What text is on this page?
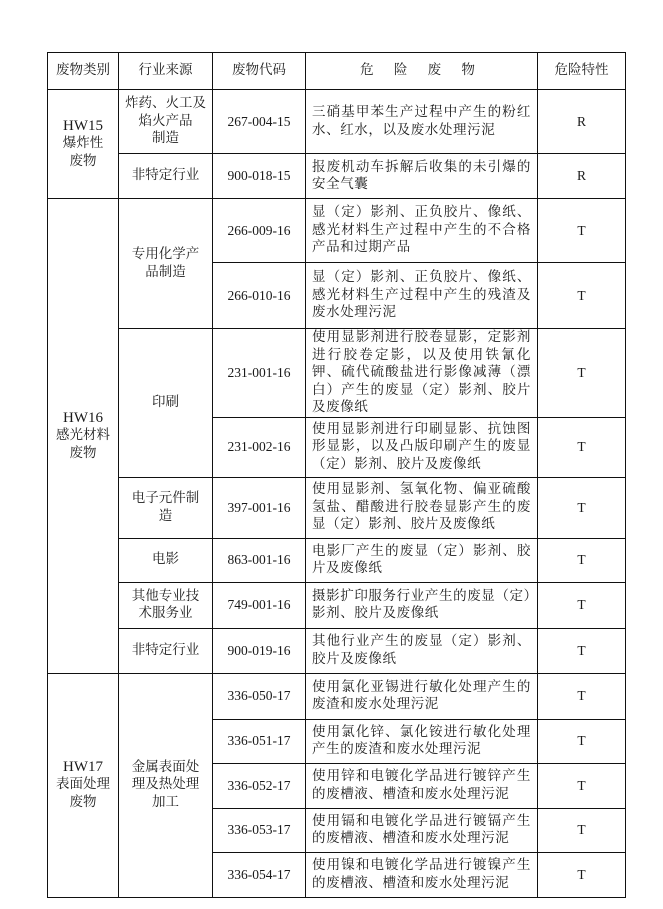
废物类别	行业来源	废物代码	危 险 废 物	危险特性

HW15
爆炸性
废物	炸药、火工及
焰火产品
制造	267-004-15	三硝基甲苯生产过程中产生的粉红水、红水，以及废水处理污泥	R
	非特定行业	900-018-15	报废机动车拆解后收集的未引爆的安全气囊	R

HW16
感光材料
废物	专用化学产
品制造	266-009-16	显（定）影剂、正负胶片、像纸、感光材料生产过程中产生的不合格产品和过期产品	T
		266-010-16	显（定）影剂、正负胶片、像纸、感光材料生产过程中产生的残渣及废水处理污泥	T
	印刷	231-001-16	使用显影剂进行胶卷显影，定影剂进行胶卷定影，以及使用铁氰化钾、硫代硫酸盐进行影像减薄（漂白）产生的废显（定）影剂、胶片及废像纸	T
		231-002-16	使用显影剂进行印刷显影、抗蚀图形显影，以及凸版印刷产生的废显（定）影剂、胶片及废像纸	T

	电子元件制
造	397-001-16	使用显影剂、氢氧化物、偏亚硫酸氢盐、醋酸进行胶卷显影产生的废显（定）影剂、胶片及废像纸	T
	电影	863-001-16	电影厂产生的废显（定）影剂、胶片及废像纸	T

	其他专业技
术服务业	749-001-16	摄影扩印服务行业产生的废显（定）影剂、胶片及废像纸	T
	非特定行业	900-019-16	其他行业产生的废显（定）影剂、胶片及废像纸	T

HW17
表面处理
废物	金属表面处
理及热处理
加工	336-050-17	使用氯化亚锡进行敏化处理产生的废渣和废水处理污泥	T
		336-051-17	使用氯化锌、氯化铵进行敏化处理产生的废渣和废水处理污泥	T
		336-052-17	使用锌和电镀化学品进行镀锌产生的废槽液、槽渣和废水处理污泥	T
		336-053-17	使用镉和电镀化学品进行镀镉产生的废槽液、槽渣和废水处理污泥	T
		336-054-17	使用镍和电镀化学品进行镀镍产生的废槽液、槽渣和废水处理污泥	T
